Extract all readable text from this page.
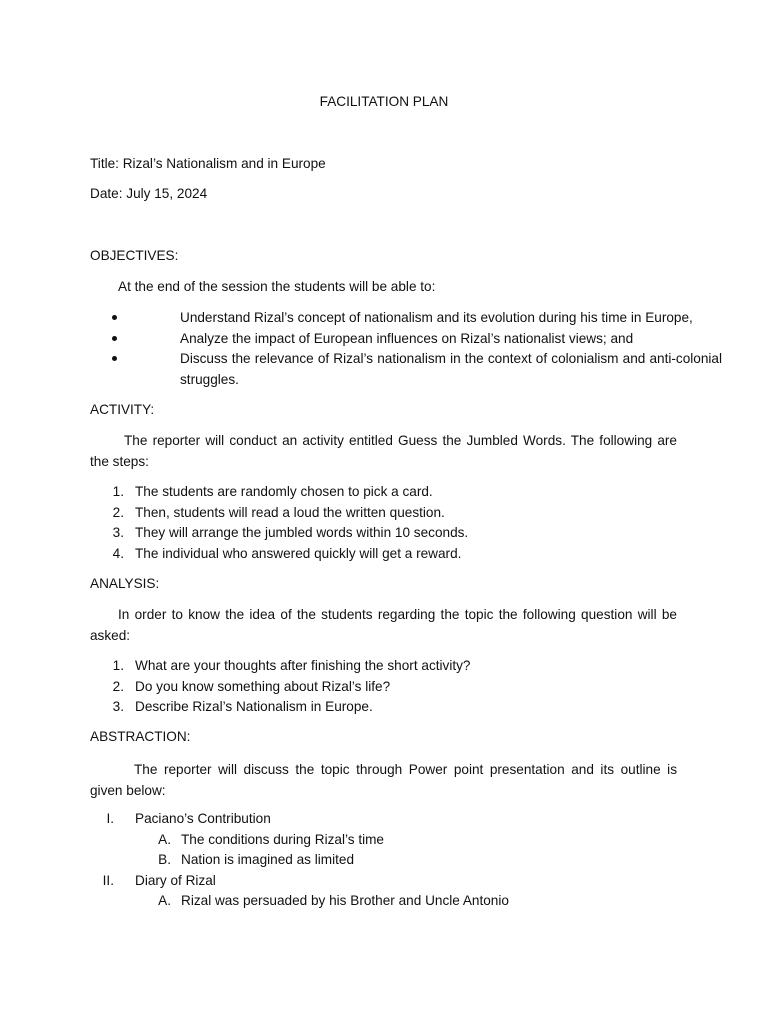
FACILITATION PLAN
Title: Rizal’s Nationalism and in Europe
Date: July 15, 2024
OBJECTIVES:
At the end of the session the students will be able to:
Understand Rizal’s concept of nationalism and its evolution during his time in Europe,
Analyze the impact of European influences on Rizal’s nationalist views; and
Discuss the relevance of Rizal’s nationalism in the context of colonialism and anti-colonial struggles.
ACTIVITY:
The reporter will conduct an activity entitled Guess the Jumbled Words. The following are the steps:
1. The students are randomly chosen to pick a card.
2. Then, students will read a loud the written question.
3. They will arrange the jumbled words within 10 seconds.
4. The individual who answered quickly will get a reward.
ANALYSIS:
In order to know the idea of the students regarding the topic the following question will be asked:
1. What are your thoughts after finishing the short activity?
2. Do you know something about Rizal’s life?
3. Describe Rizal’s Nationalism in Europe.
ABSTRACTION:
The reporter will discuss the topic through Power point presentation and its outline is given below:
I. Paciano’s Contribution
A. The conditions during Rizal’s time
B. Nation is imagined as limited
II. Diary of Rizal
A. Rizal was persuaded by his Brother and Uncle Antonio
